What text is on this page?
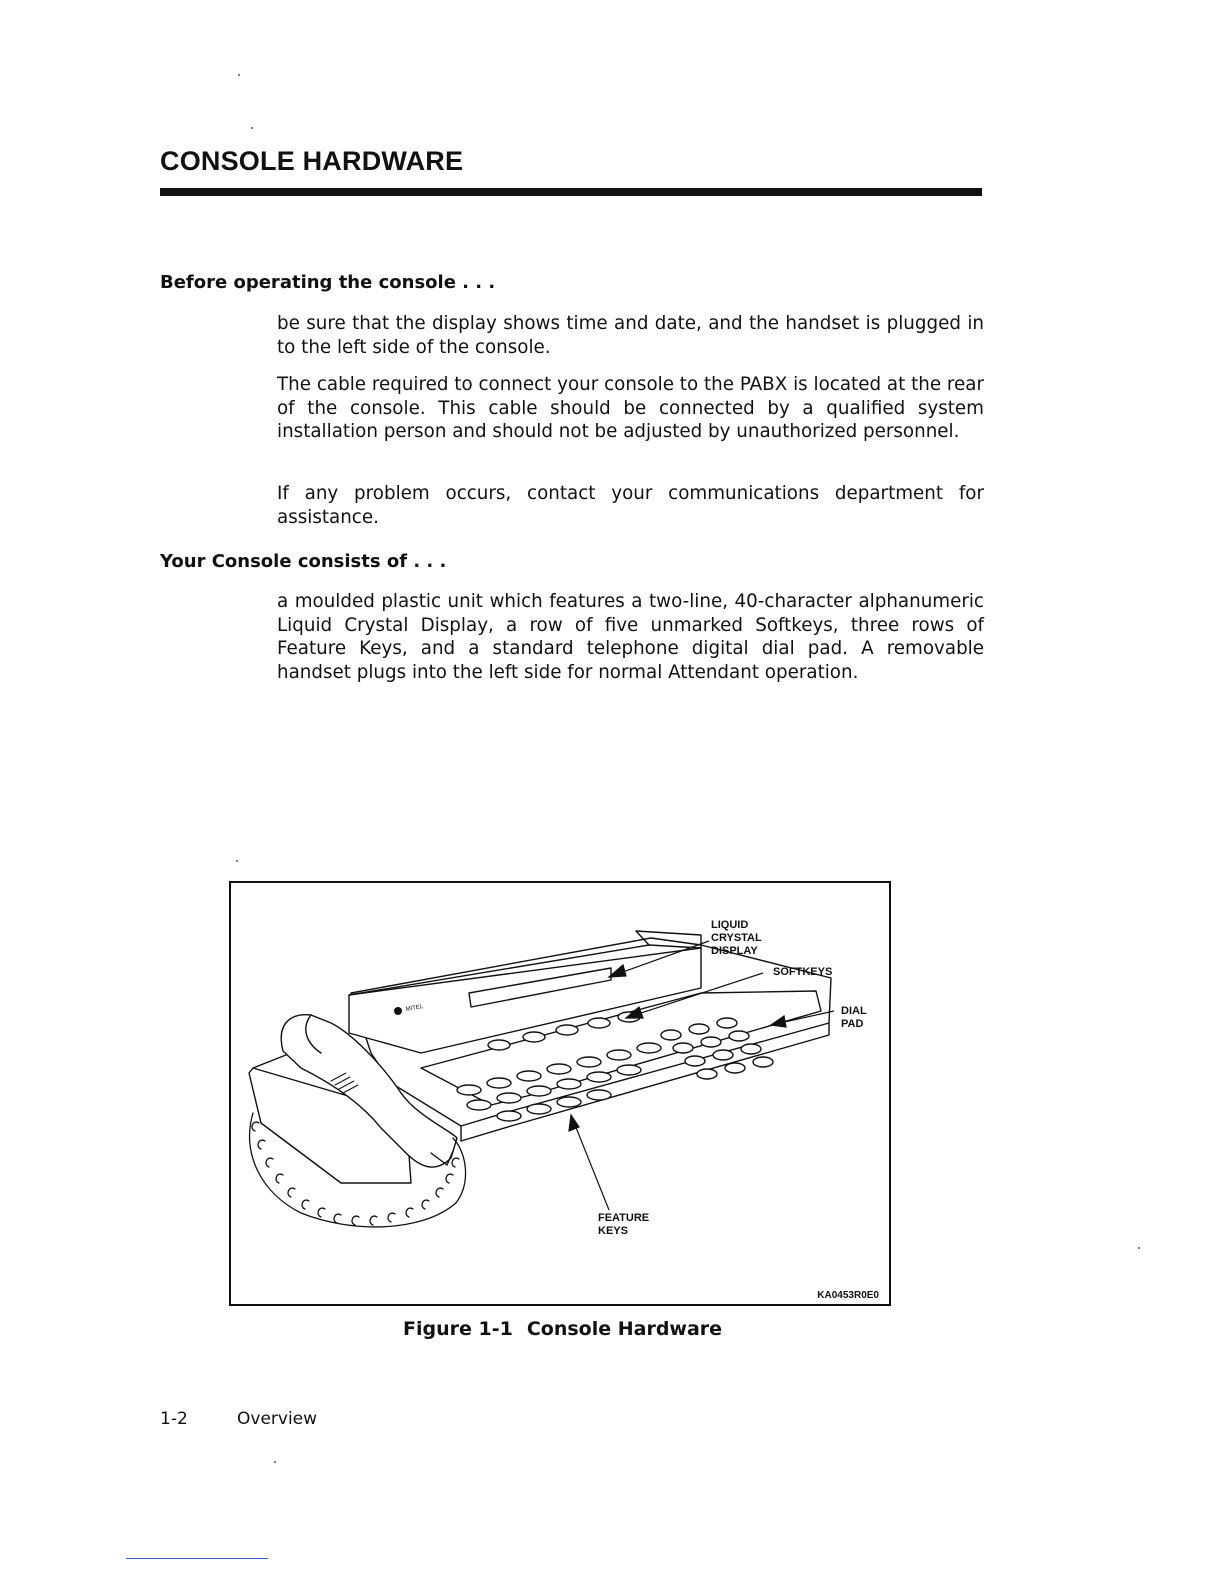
CONSOLE HARDWARE
Before operating the console . . .

be sure that the display shows time and date, and the handset is plugged in to the left side of the console.

The cable required to connect your console to the PABX is located at the rear of the console. This cable should be connected by a qualified system installation person and should not be adjusted by unauthorized personnel.

If any problem occurs, contact your communications department for assistance.

Your Console consists of . . .

a moulded plastic unit which features a two-line, 40-character alphanumeric Liquid Crystal Display, a row of five unmarked Softkeys, three rows of Feature Keys, and a standard telephone digital dial pad. A removable handset plugs into the left side for normal Attendant operation.

MITEL

LIQUID
CRYSTAL
DISPLAY

SOFTKEYS

DIAL
PAD

FEATURE
KEYS

KA0453R0E0

Figure 1-1 Console Hardware

1-2	Overview
